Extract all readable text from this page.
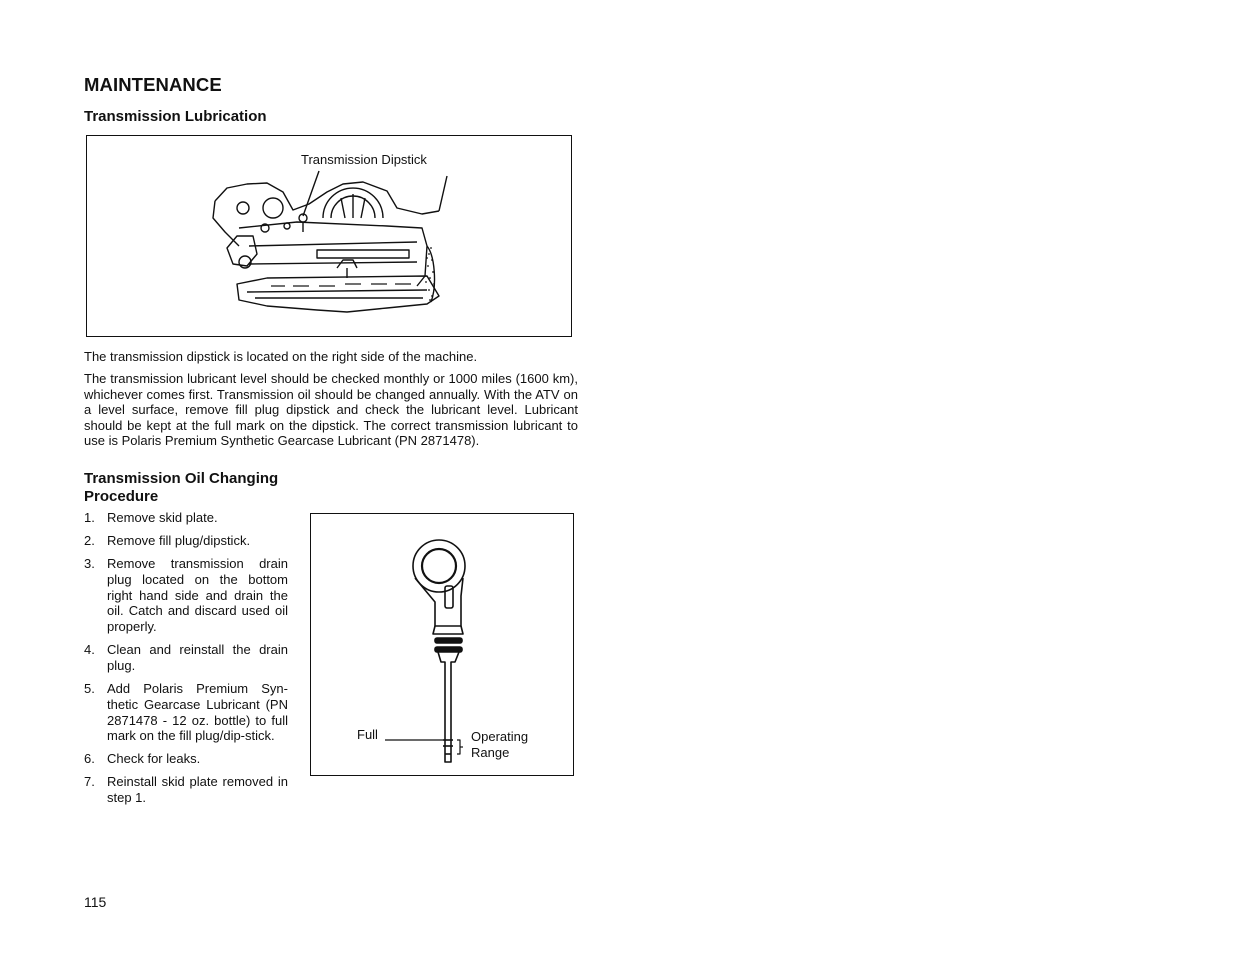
MAINTENANCE
Transmission Lubrication
Transmission Dipstick
The transmission dipstick is located on the right side of the machine.
The transmission lubricant level should be checked monthly or 1000 miles (1600 km), whichever comes first. Transmission oil should be changed annually. With the ATV on a level surface, remove fill plug dipstick and check the lubricant level. Lubricant should be kept at the full mark on the dipstick. The correct transmission lubricant to use is Polaris Premium Synthetic Gearcase Lubricant (PN 2871478).
Transmission Oil Changing Procedure
1. Remove skid plate.
2. Remove fill plug/dipstick.
3. Remove transmission drain plug located on the bottom right hand side and drain the oil. Catch and discard used oil properly.
4. Clean and reinstall the drain plug.
5. Add Polaris Premium Syn-thetic Gearcase Lubricant (PN 2871478 - 12 oz. bottle) to full mark on the fill plug/dip-stick.
6. Check for leaks.
7. Reinstall skid plate removed in step 1.
Full	Operating
Range
115
